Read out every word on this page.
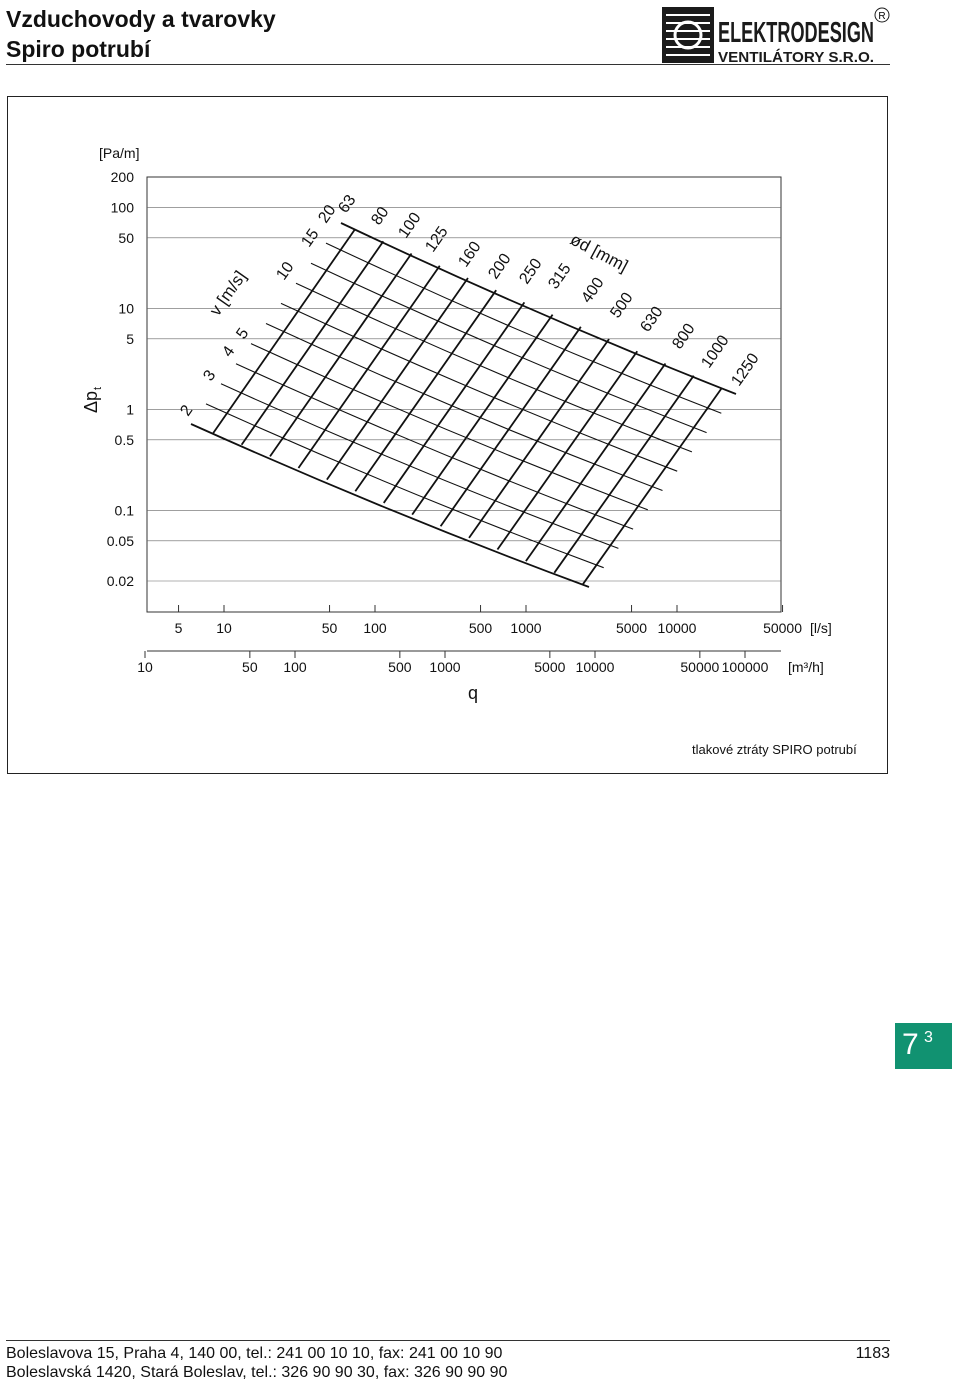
Vzduchovody a tvarovky
Spiro potrubí	ELEKTRODESIGN
VENTILÁTORY S.R.O.
R
200
100
50
10
5
1
0.5
0.1
0.05
0.02
[Pa/m]
Δp
t
5 10	50 100	500 1000	5000 10000	50000 [l/s]
10	50 100	500 1000	5000 10000	50000 100000 [m³/h]
q
63 80 100
125 160 200 250 315 400 500 630
800 1000
1250
ød [mm]
2
3
4
5
10
15
20
v [m/s]
tlakové ztráty SPIRO potrubí
7 3
Boleslavova 15, Praha 4, 140 00, tel.: 241 00 10 10, fax: 241 00 10 90
Boleslavská 1420, Stará Boleslav, tel.: 326 90 90 30, fax: 326 90 90 90
1183
